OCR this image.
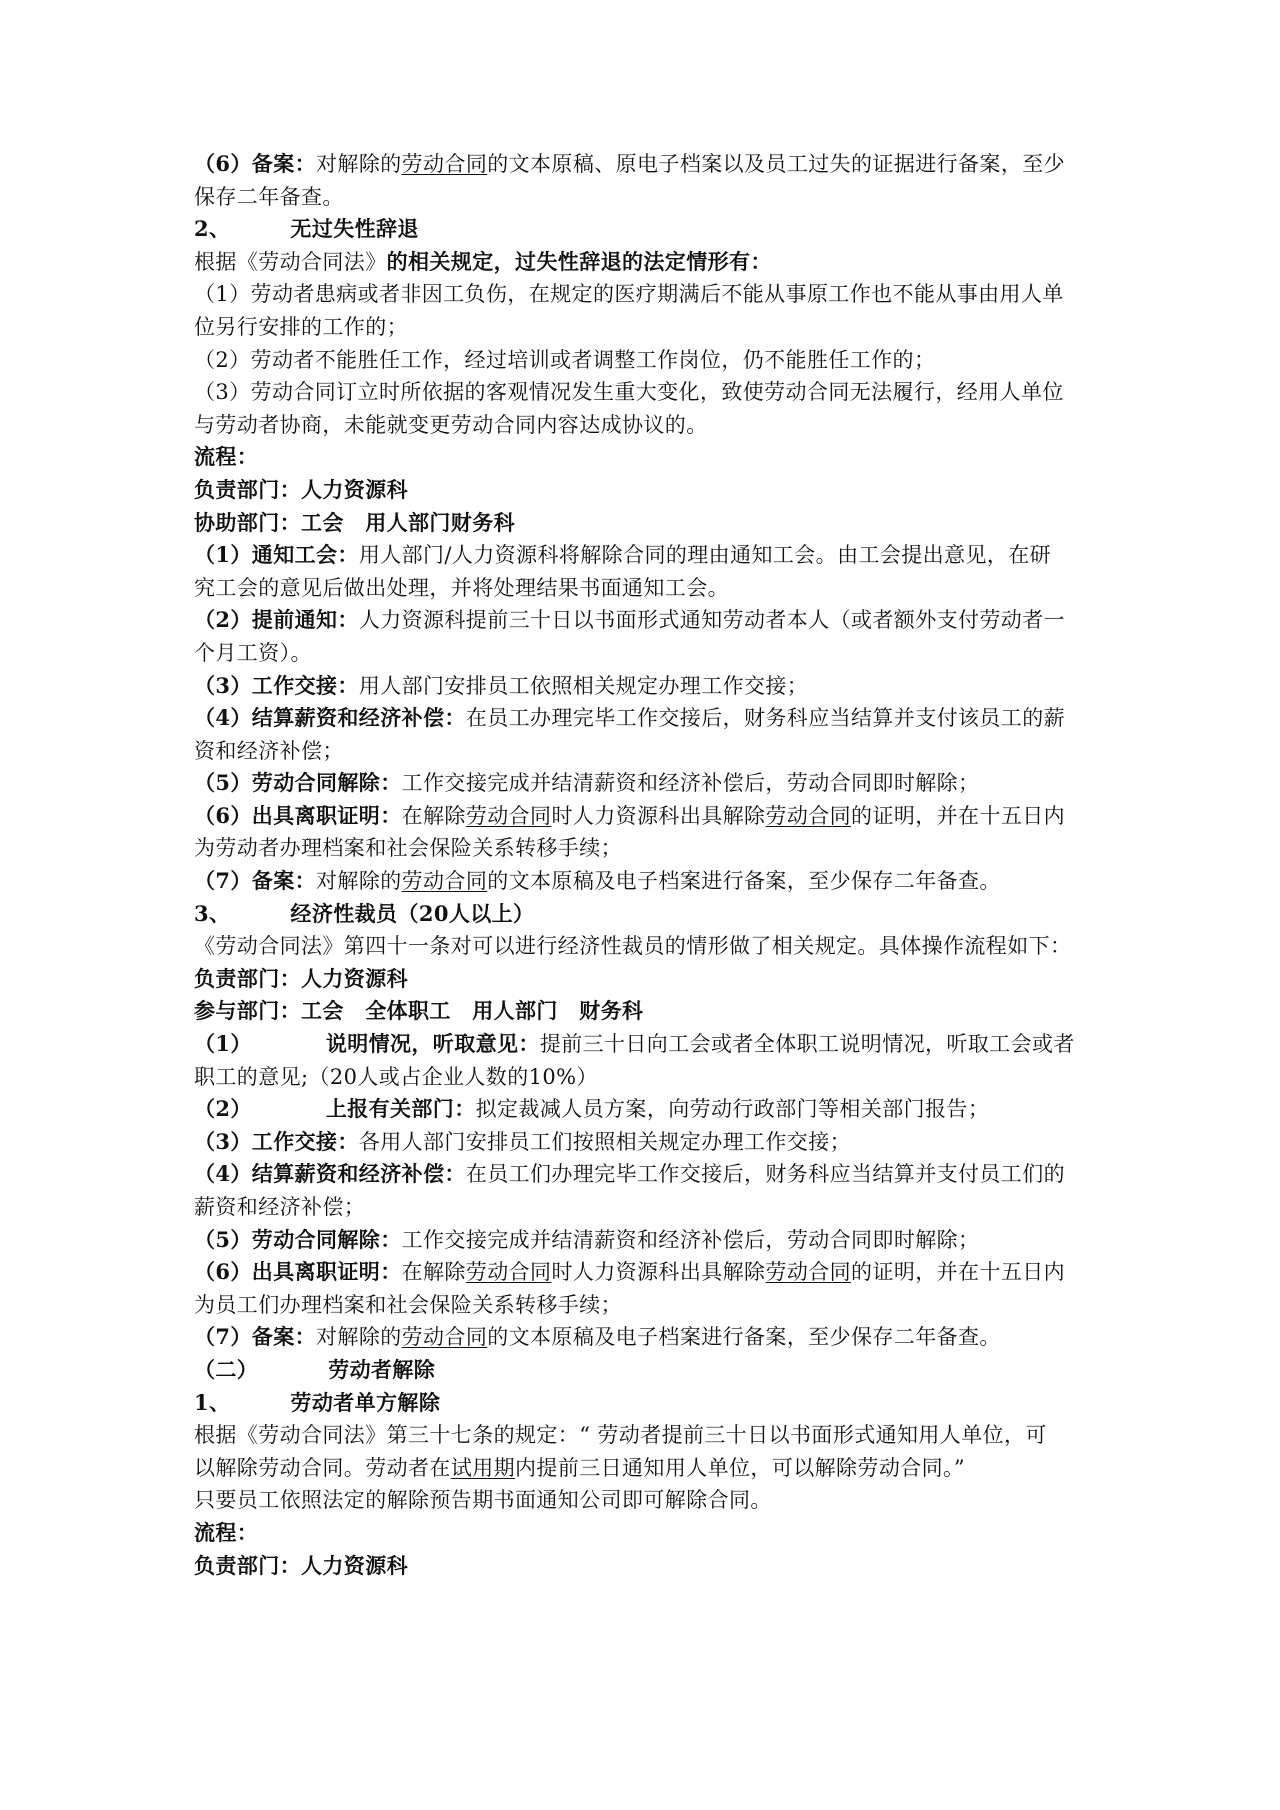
（6）备案：对解除的劳动合同的文本原稿、原电子档案以及员工过失的证据进行备案，至少
保存二年备查。
2、	无过失性辞退
根据《劳动合同法》的相关规定，过失性辞退的法定情形有：
（1）劳动者患病或者非因工负伤，在规定的医疗期满后不能从事原工作也不能从事由用人单
位另行安排的工作的；
（2）劳动者不能胜任工作，经过培训或者调整工作岗位，仍不能胜任工作的；
（3）劳动合同订立时所依据的客观情况发生重大变化，致使劳动合同无法履行，经用人单位
与劳动者协商，未能就变更劳动合同内容达成协议的。
流程：
负责部门：人力资源科
协助部门：工会　用人部门财务科
（1）通知工会：用人部门/人力资源科将解除合同的理由通知工会。由工会提出意见，在研
究工会的意见后做出处理，并将处理结果书面通知工会。
（2）提前通知：人力资源科提前三十日以书面形式通知劳动者本人（或者额外支付劳动者一
个月工资）。
（3）工作交接：用人部门安排员工依照相关规定办理工作交接；
（4）结算薪资和经济补偿：在员工办理完毕工作交接后，财务科应当结算并支付该员工的薪
资和经济补偿；
（5）劳动合同解除：工作交接完成并结清薪资和经济补偿后，劳动合同即时解除；
（6）出具离职证明：在解除劳动合同时人力资源科出具解除劳动合同的证明，并在十五日内
为劳动者办理档案和社会保险关系转移手续；
（7）备案：对解除的劳动合同的文本原稿及电子档案进行备案，至少保存二年备查。
3、	经济性裁员（20人以上）
《劳动合同法》第四十一条对可以进行经济性裁员的情形做了相关规定。具体操作流程如下：
负责部门：人力资源科
参与部门：工会　全体职工　用人部门　财务科
（1）	说明情况，听取意见：提前三十日向工会或者全体职工说明情况，听取工会或者
职工的意见;（20人或占企业人数的10%）
（2）	上报有关部门：拟定裁减人员方案，向劳动行政部门等相关部门报告；
（3）工作交接：各用人部门安排员工们按照相关规定办理工作交接；
（4）结算薪资和经济补偿：在员工们办理完毕工作交接后，财务科应当结算并支付员工们的
薪资和经济补偿；
（5）劳动合同解除：工作交接完成并结清薪资和经济补偿后，劳动合同即时解除；
（6）出具离职证明：在解除劳动合同时人力资源科出具解除劳动合同的证明，并在十五日内
为员工们办理档案和社会保险关系转移手续；
（7）备案：对解除的劳动合同的文本原稿及电子档案进行备案，至少保存二年备查。
（二）	劳动者解除
1、	劳动者单方解除
根据《劳动合同法》第三十七条的规定：“ 劳动者提前三十日以书面形式通知用人单位，可
以解除劳动合同。劳动者在试用期内提前三日通知用人单位，可以解除劳动合同。”
只要员工依照法定的解除预告期书面通知公司即可解除合同。
流程：
负责部门：人力资源科
